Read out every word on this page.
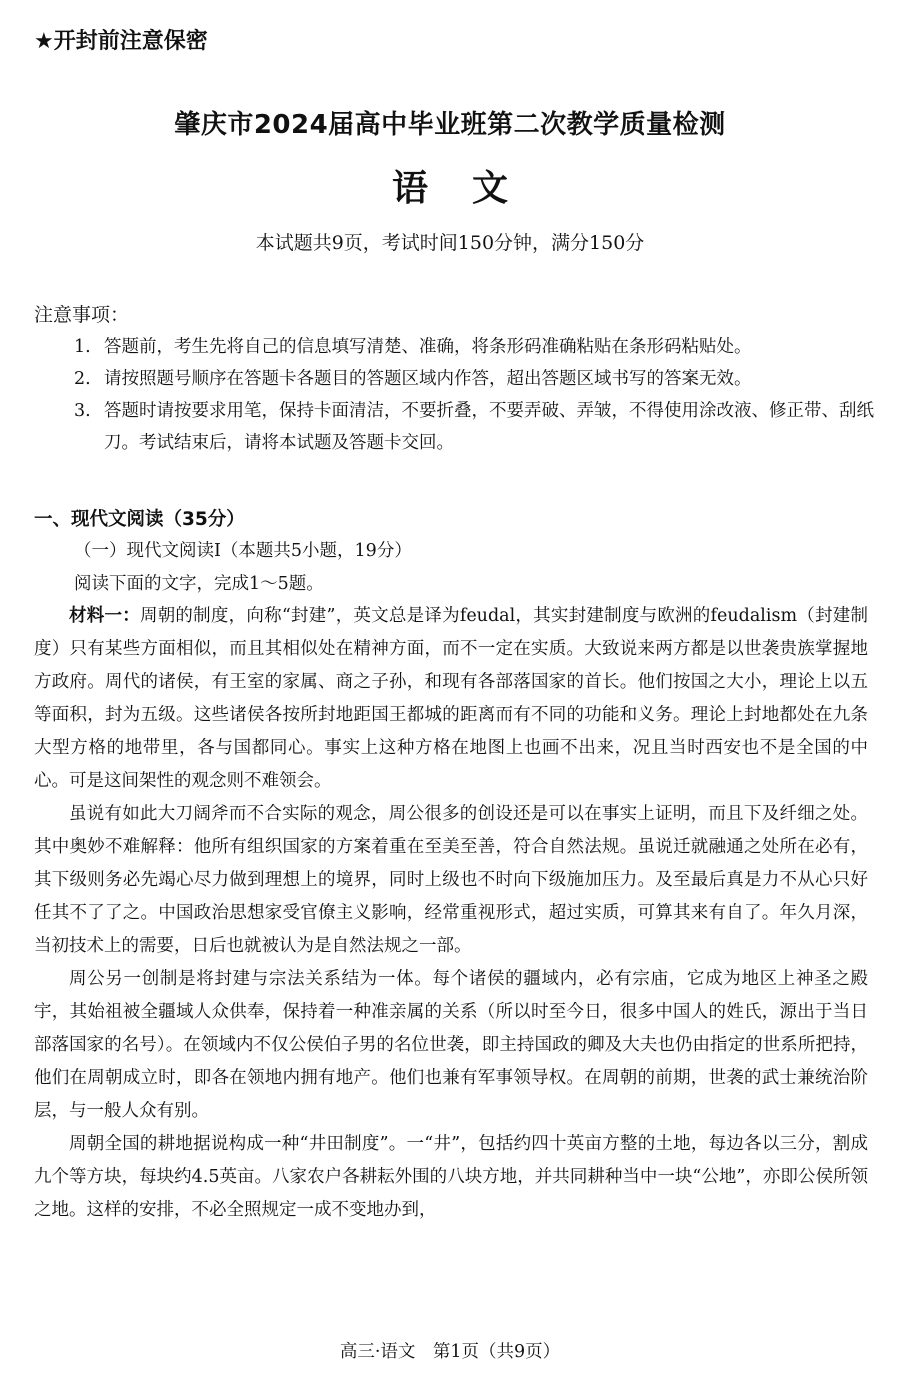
★开封前注意保密
肇庆市2024届高中毕业班第二次教学质量检测
语文
本试题共9页，考试时间150分钟，满分150分
注意事项：
1. 答题前，考生先将自己的信息填写清楚、准确，将条形码准确粘贴在条形码粘贴处。
2. 请按照题号顺序在答题卡各题目的答题区域内作答，超出答题区域书写的答案无效。
3. 答题时请按要求用笔，保持卡面清洁，不要折叠，不要弄破、弄皱，不得使用涂改液、修正带、刮纸刀。考试结束后，请将本试题及答题卡交回。
一、现代文阅读（35分）
（一）现代文阅读Ⅰ（本题共5小题，19分）
阅读下面的文字，完成1～5题。

材料一：周朝的制度，向称“封建”，英文总是译为feudal，其实封建制度与欧洲的feudalism（封建制度）只有某些方面相似，而且其相似处在精神方面，而不一定在实质。大致说来两方都是以世袭贵族掌握地方政府。周代的诸侯，有王室的家属、商之子孙，和现有各部落国家的首长。他们按国之大小，理论上以五等面积，封为五级。这些诸侯各按所封地距国王都城的距离而有不同的功能和义务。理论上封地都处在九条大型方格的地带里，各与国都同心。事实上这种方格在地图上也画不出来，况且当时西安也不是全国的中心。可是这间架性的观念则不难领会。

虽说有如此大刀阔斧而不合实际的观念，周公很多的创设还是可以在事实上证明，而且下及纤细之处。其中奥妙不难解释：他所有组织国家的方案着重在至美至善，符合自然法规。虽说迁就融通之处所在必有，其下级则务必先竭心尽力做到理想上的境界，同时上级也不时向下级施加压力。及至最后真是力不从心只好任其不了了之。中国政治思想家受官僚主义影响，经常重视形式，超过实质，可算其来有自了。年久月深，当初技术上的需要，日后也就被认为是自然法规之一部。

周公另一创制是将封建与宗法关系结为一体。每个诸侯的疆域内，必有宗庙，它成为地区上神圣之殿宇，其始祖被全疆域人众供奉，保持着一种准亲属的关系（所以时至今日，很多中国人的姓氏，源出于当日部落国家的名号）。在领域内不仅公侯伯子男的名位世袭，即主持国政的卿及大夫也仍由指定的世系所把持，他们在周朝成立时，即各在领地内拥有地产。他们也兼有军事领导权。在周朝的前期，世袭的武士兼统治阶层，与一般人众有别。

周朝全国的耕地据说构成一种“井田制度”。一“井”，包括约四十英亩方整的土地，每边各以三分，割成九个等方块，每块约4.5英亩。八家农户各耕耘外围的八块方地，并共同耕种当中一块“公地”，亦即公侯所领之地。这样的安排，不必全照规定一成不变地办到，

高三·语文　第1页（共9页）
